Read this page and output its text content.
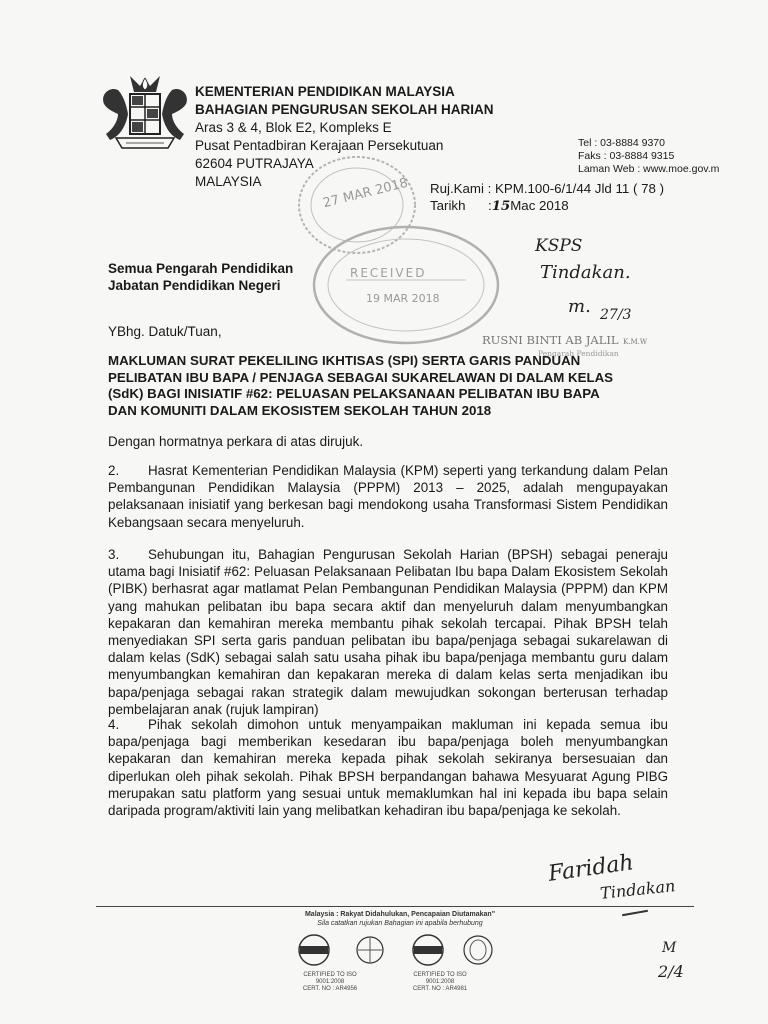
KEMENTERIAN PENDIDIKAN MALAYSIA
BAHAGIAN PENGURUSAN SEKOLAH HARIAN
Aras 3 & 4, Blok E2, Kompleks E
Pusat Pentadbiran Kerajaan Persekutuan
62604 PUTRAJAYA
MALAYSIA
Tel : 03-8884 9370
Faks : 03-8884 9315
Laman Web : www.moe.gov.m
27 MAR 2018
RECEIVED
19 MAR 2018
RUSNI BINTI AB JALIL K.M.W
Pengarah Pendidikan
Ruj.Kami : KPM.100-6/1/44 Jld 11 ( 78 )
Tarikh :15Mac 2018
Semua Pengarah Pendidikan
Jabatan Pendidikan Negeri
KSPS
Tindakan.
m. 27/3
YBhg. Datuk/Tuan,
MAKLUMAN SURAT PEKELILING IKHTISAS (SPI) SERTA GARIS PANDUAN
PELIBATAN IBU BAPA / PENJAGA SEBAGAI SUKARELAWAN DI DALAM KELAS
(SdK) BAGI INISIATIF #62: PELUASAN PELAKSANAAN PELIBATAN IBU BAPA
DAN KOMUNITI DALAM EKOSISTEM SEKOLAH TAHUN 2018
Dengan hormatnya perkara di atas dirujuk.
2. Hasrat Kementerian Pendidikan Malaysia (KPM) seperti yang terkandung dalam Pelan Pembangunan Pendidikan Malaysia (PPPM) 2013 – 2025, adalah mengupayakan pelaksanaan inisiatif yang berkesan bagi mendokong usaha Transformasi Sistem Pendidikan Kebangsaan secara menyeluruh.
3. Sehubungan itu, Bahagian Pengurusan Sekolah Harian (BPSH) sebagai peneraju utama bagi Inisiatif #62: Peluasan Pelaksanaan Pelibatan Ibu bapa Dalam Ekosistem Sekolah (PIBK) berhasrat agar matlamat Pelan Pembangunan Pendidikan Malaysia (PPPM) dan KPM yang mahukan pelibatan ibu bapa secara aktif dan menyeluruh dalam menyumbangkan kepakaran dan kemahiran mereka membantu pihak sekolah tercapai. Pihak BPSH telah menyediakan SPI serta garis panduan pelibatan ibu bapa/penjaga sebagai sukarelawan di dalam kelas (SdK) sebagai salah satu usaha pihak ibu bapa/penjaga membantu guru dalam menyumbangkan kemahiran dan kepakaran mereka di dalam kelas serta menjadikan ibu bapa/penjaga sebagai rakan strategik dalam mewujudkan sokongan berterusan terhadap pembelajaran anak (rujuk lampiran)
4. Pihak sekolah dimohon untuk menyampaikan makluman ini kepada semua ibu bapa/penjaga bagi memberikan kesedaran ibu bapa/penjaga boleh menyumbangkan kepakaran dan kemahiran mereka kepada pihak sekolah sekiranya bersesuaian dan diperlukan oleh pihak sekolah. Pihak BPSH berpandangan bahawa Mesyuarat Agung PIBG merupakan satu platform yang sesuai untuk memaklumkan hal ini kepada ibu bapa selain daripada program/aktiviti lain yang melibatkan kehadiran ibu bapa/penjaga ke sekolah.
Faridah
Tindakan
M
2/4
Malaysia : Rakyat Didahulukan, Pencapaian Diutamakan"
Sila catatkan rujukan Bahagian ini apabila berhubung
CERTIFIED TO ISO 9001:2008
CERT. NO : AR4956
CERTIFIED TO ISO 9001:2008
CERT. NO : AR4981
